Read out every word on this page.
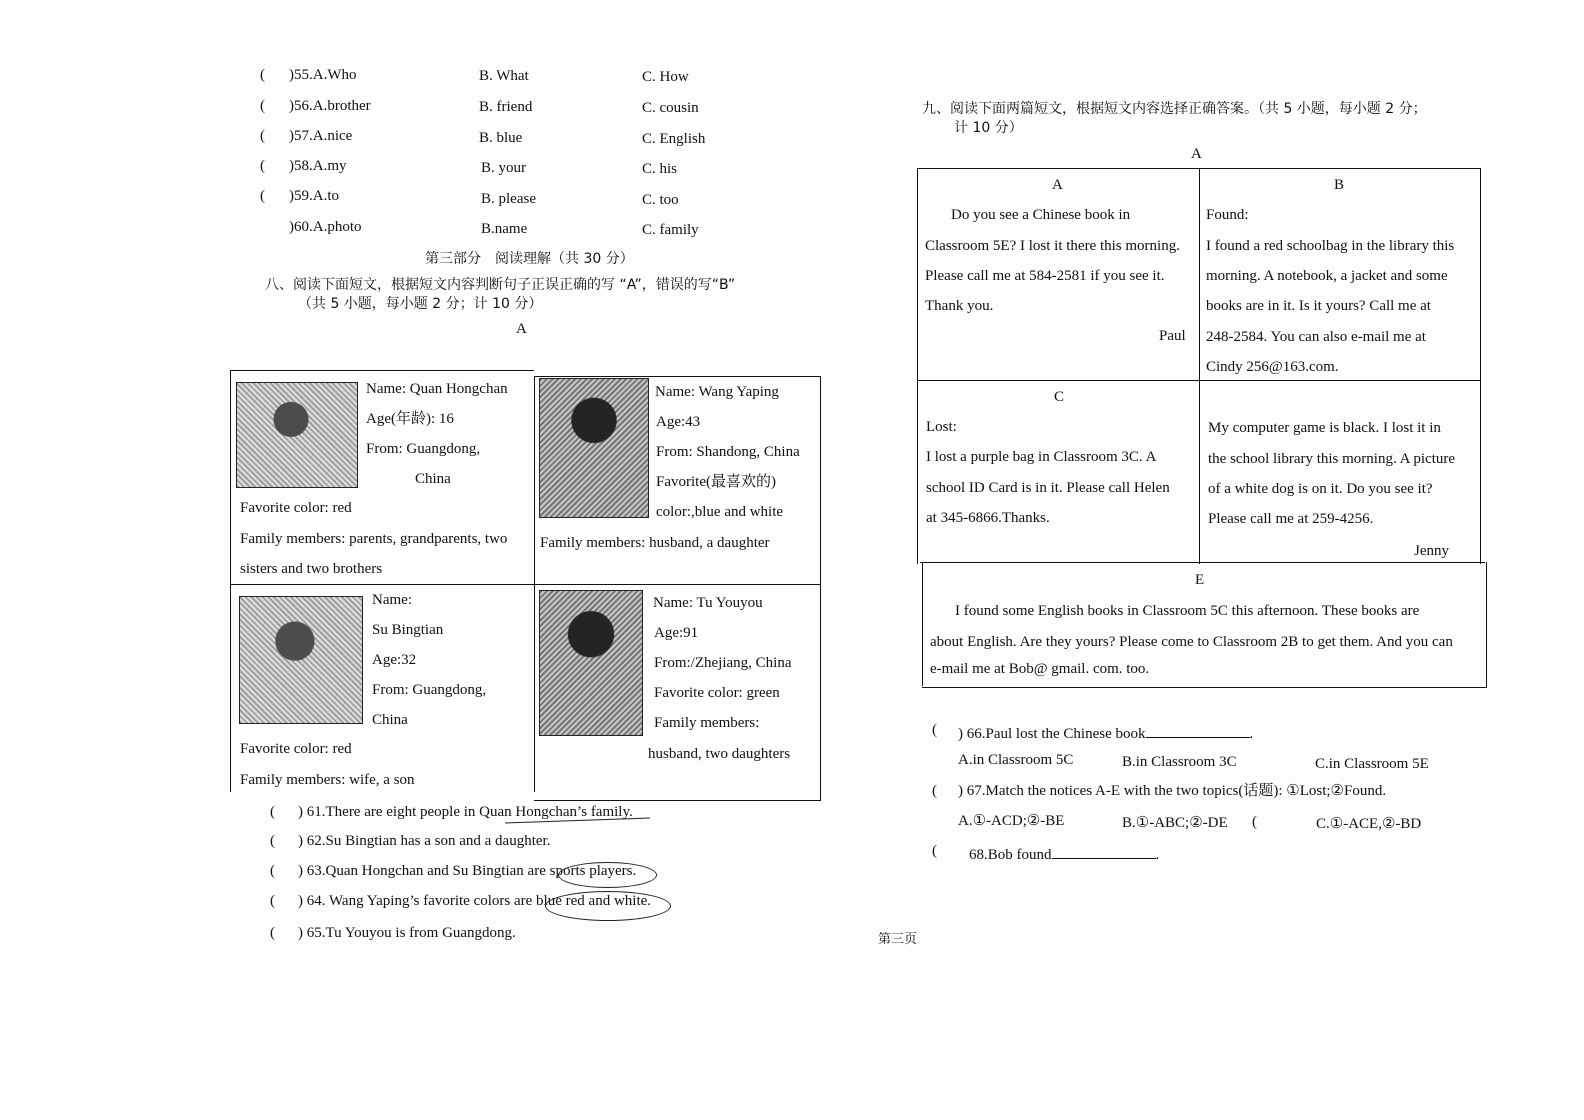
( )55.A.Who	B. What	C. How
( )56.A.brother	B. friend	C. cousin
( )57.A.nice	B. blue	C. English
( )58.A.my	B. your	C. his
( )59.A.to	B. please	C. too
)60.A.photo	B.name	C. family
第三部分　阅读理解（共 30 分）
八、阅读下面短文，根据短文内容判断句子正误正确的写 “A”，错误的写“B”
（共 5 小题，每小题 2 分；计 10 分）
A
Name: Quan Hongchan
Age(年龄): 16
From: Guangdong,
China
Favorite color: red
Family members: parents, grandparents, two
sisters and two brothers
Name: Wang Yaping
Age:43
From: Shandong, China
Favorite(最喜欢的)
color:,blue and white
Family members: husband, a daughter
Name:
Su Bingtian
Age:32
From: Guangdong,
China
Favorite color: red
Family members: wife, a son
Name: Tu Youyou
Age:91
From:/Zhejiang, China
Favorite color: green
Family members:
husband, two daughters
( ) 61.There are eight people in Quan Hongchan’s family.
( ) 62.Su Bingtian has a son and a daughter.
( ) 63.Quan Hongchan and Su Bingtian are sports players.
( ) 64. Wang Yaping’s favorite colors are blue red and white.
( ) 65.Tu Youyou is from Guangdong.	第三页
九、阅读下面两篇短文，根据短文内容选择正确答案。（共 5 小题，每小题 2 分；
计 10 分）
A
A
Do you see a Chinese book in
Classroom 5E? I lost it there this morning.
Please call me at 584-2581 if you see it.
Thank you.
Paul
B
Found:
I found a red schoolbag in the library this
morning. A notebook, a jacket and some
books are in it. Is it yours? Call me at
248-2584. You can also e-mail me at
Cindy 256@163.com.
C
Lost:
I lost a purple bag in Classroom 3C. A
school ID Card is in it. Please call Helen
at 345-6866.Thanks.
My computer game is black. I lost it in
the school library this morning. A picture
of a white dog is on it. Do you see it?
Please call me at 259-4256.
Jenny
E
I found some English books in Classroom 5C this afternoon. These books are
about English. Are they yours? Please come to Classroom 2B to get them. And you can
e-mail me at Bob@ gmail. com. too.
( ) 66.Paul lost the Chinese book	.
A.in Classroom 5C	B.in Classroom 3C	C.in Classroom 5E
( ) 67.Match the notices A-E with the two topics(话题): ①Lost;②Found.
A.①-ACD;②-BE	B.①-ABC;②-DE (	C.①-ACE,②-BD
( 68.Bob found	.
